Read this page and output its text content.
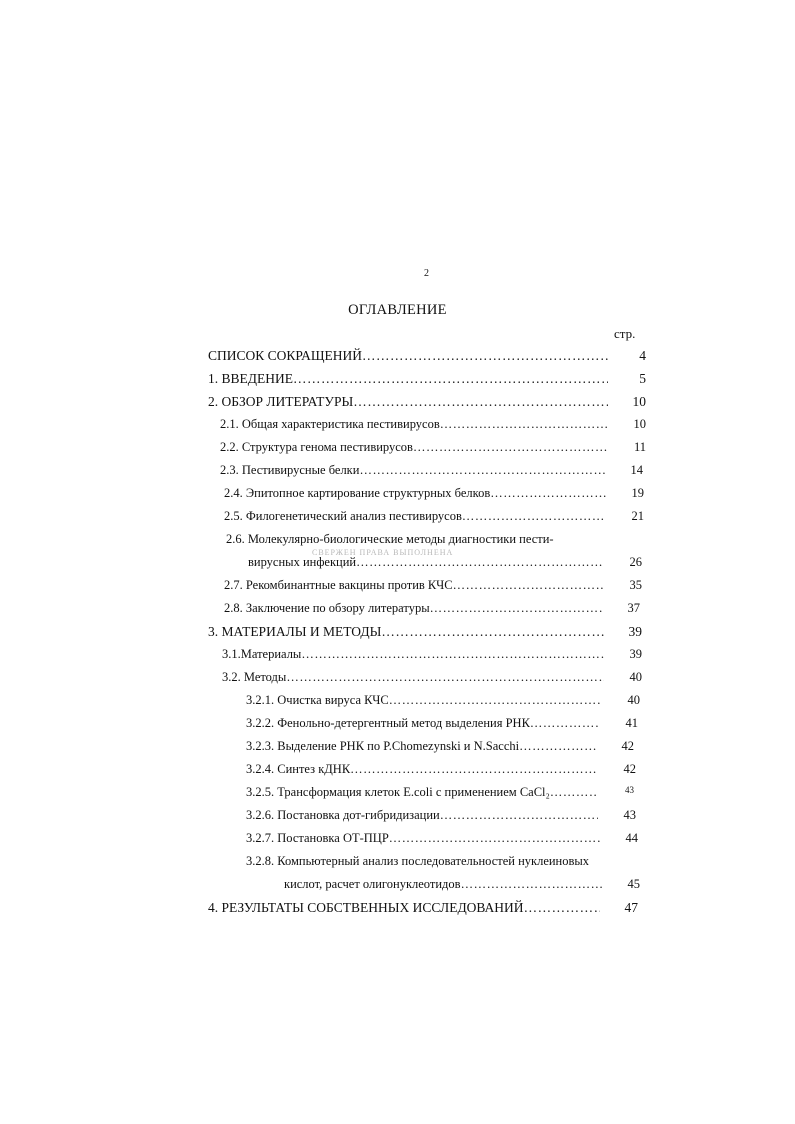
2
ОГЛАВЛЕНИЕ
стр.
СВЕРЖЕН ПРАВА ВЫПОЛНЕНА
СПИСОК СОКРАЩЕНИЙ …………………………………………………………………………………………………………………………………………………………………………	4
1. ВВЕДЕНИЕ …………………………………………………………………………………………………………………………………………………………………………	5
2. ОБЗОР ЛИТЕРАТУРЫ …………………………………………………………………………………………………………………………………………………………………………	10
2.1. Общая характеристика пестивирусов …………………………………………………………………………………………………………………………………………………………………………	10
2.2. Структура генома пестивирусов …………………………………………………………………………………………………………………………………………………………………………	11
2.3. Пестивирусные белки …………………………………………………………………………………………………………………………………………………………………………	14
2.4. Эпитопное картирование структурных белков …………………………………………………………………………………………………………………………………………………………………………	19
2.5. Филогенетический анализ пестивирусов …………………………………………………………………………………………………………………………………………………………………………	21
2.6. Молекулярно-биологические методы диагностики пести-
вирусных инфекций …………………………………………………………………………………………………………………………………………………………………………	26
2.7. Рекомбинантные вакцины против КЧС …………………………………………………………………………………………………………………………………………………………………………	35
2.8. Заключение по обзору литературы …………………………………………………………………………………………………………………………………………………………………………	37
3. МАТЕРИАЛЫ И МЕТОДЫ …………………………………………………………………………………………………………………………………………………………………………	39
3.1.Материалы …………………………………………………………………………………………………………………………………………………………………………	39
3.2. Методы …………………………………………………………………………………………………………………………………………………………………………	40
3.2.1. Очистка вируса КЧС …………………………………………………………………………………………………………………………………………………………………………	40
3.2.2. Фенольно-детергентный метод выделения РНК …………………………………………………………………………………………………………………………………………………………………………	41
3.2.3. Выделение РНК по P.Chomezynski и N.Sacchi …………………………………………………………………………………………………………………………………………………………………………	42
3.2.4. Синтез кДНК …………………………………………………………………………………………………………………………………………………………………………	42
3.2.5. Трансформация клеток E.coli с применением CaCl₂ …………………………………………………………………………………………………………………………………………………………………………	43
3.2.6. Постановка дот-гибридизации …………………………………………………………………………………………………………………………………………………………………………	43
3.2.7. Постановка ОТ-ПЦР …………………………………………………………………………………………………………………………………………………………………………	44
3.2.8. Компьютерный анализ последовательностей нуклеиновых
кислот, расчет олигонуклеотидов …………………………………………………………………………………………………………………………………………………………………………	45
4. РЕЗУЛЬТАТЫ СОБСТВЕННЫХ ИССЛЕДОВАНИЙ …………………………………………………………………………………………………………………………………………………………………………	47
